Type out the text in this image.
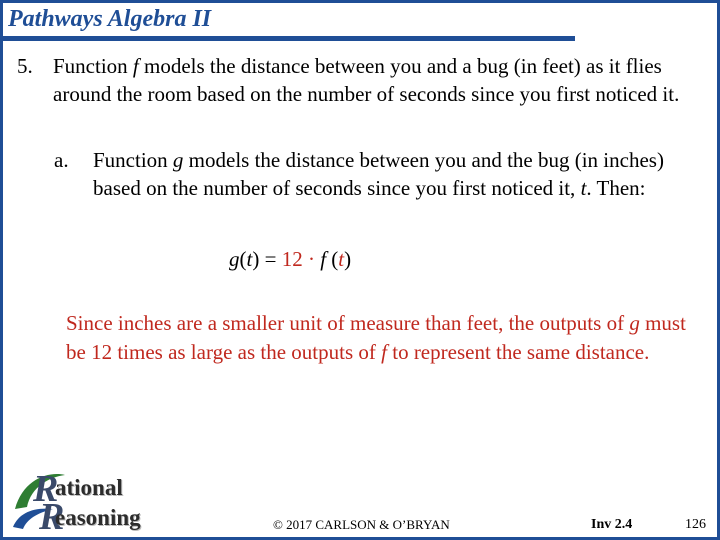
Pathways Algebra II
5. Function f models the distance between you and a bug (in feet) as it flies around the room based on the number of seconds since you first noticed it.
a. Function g models the distance between you and the bug (in inches) based on the number of seconds since you first noticed it, t. Then:
g(t) = 12 · f (t)
Since inches are a smaller unit of measure than feet, the outputs of g must be 12 times as large as the outputs of f to represent the same distance.
R
ational
R
easoning	© 2017 CARLSON & O’BRYAN	Inv 2.4	126
